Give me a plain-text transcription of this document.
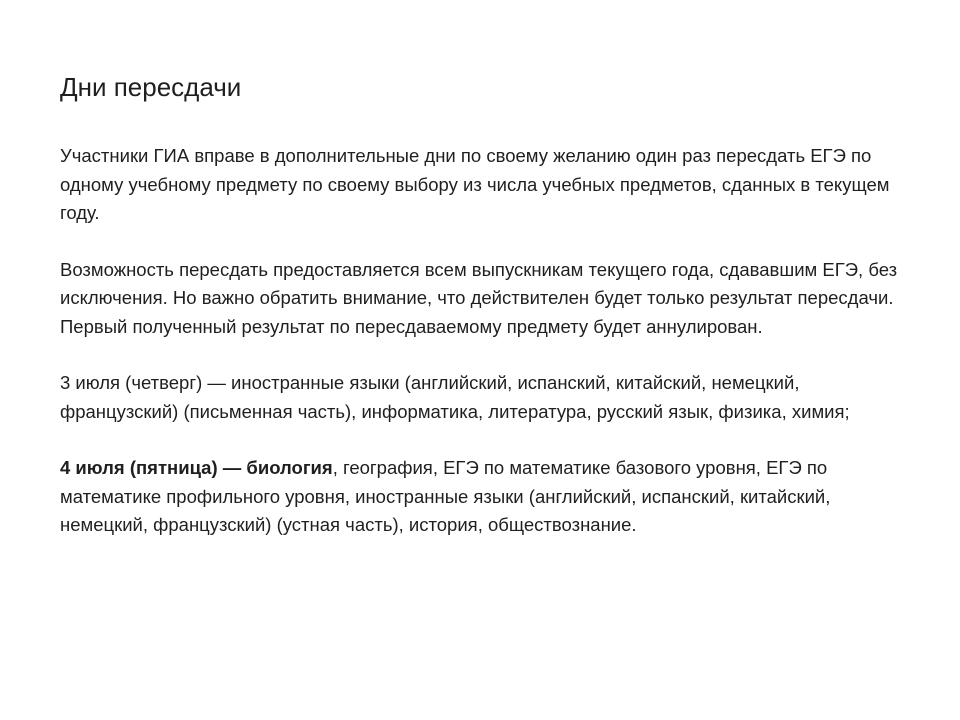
Дни пересдачи

Участники ГИА вправе в дополнительные дни по своему желанию один раз пересдать ЕГЭ по одному учебному предмету по своему выбору из числа учебных предметов, сданных в текущем году.

Возможность пересдать предоставляется всем выпускникам текущего года, сдававшим ЕГЭ, без исключения. Но важно обратить внимание, что действителен будет только результат пересдачи. Первый полученный результат по пересдаваемому предмету будет аннулирован.

3 июля (четверг) — иностранные языки (английский, испанский, китайский, немецкий, французский) (письменная часть), информатика, литература, русский язык, физика, химия;

4 июля (пятница) — биология, география, ЕГЭ по математике базового уровня, ЕГЭ по математике профильного уровня, иностранные языки (английский, испанский, китайский, немецкий, французский) (устная часть), история, обществознание.
